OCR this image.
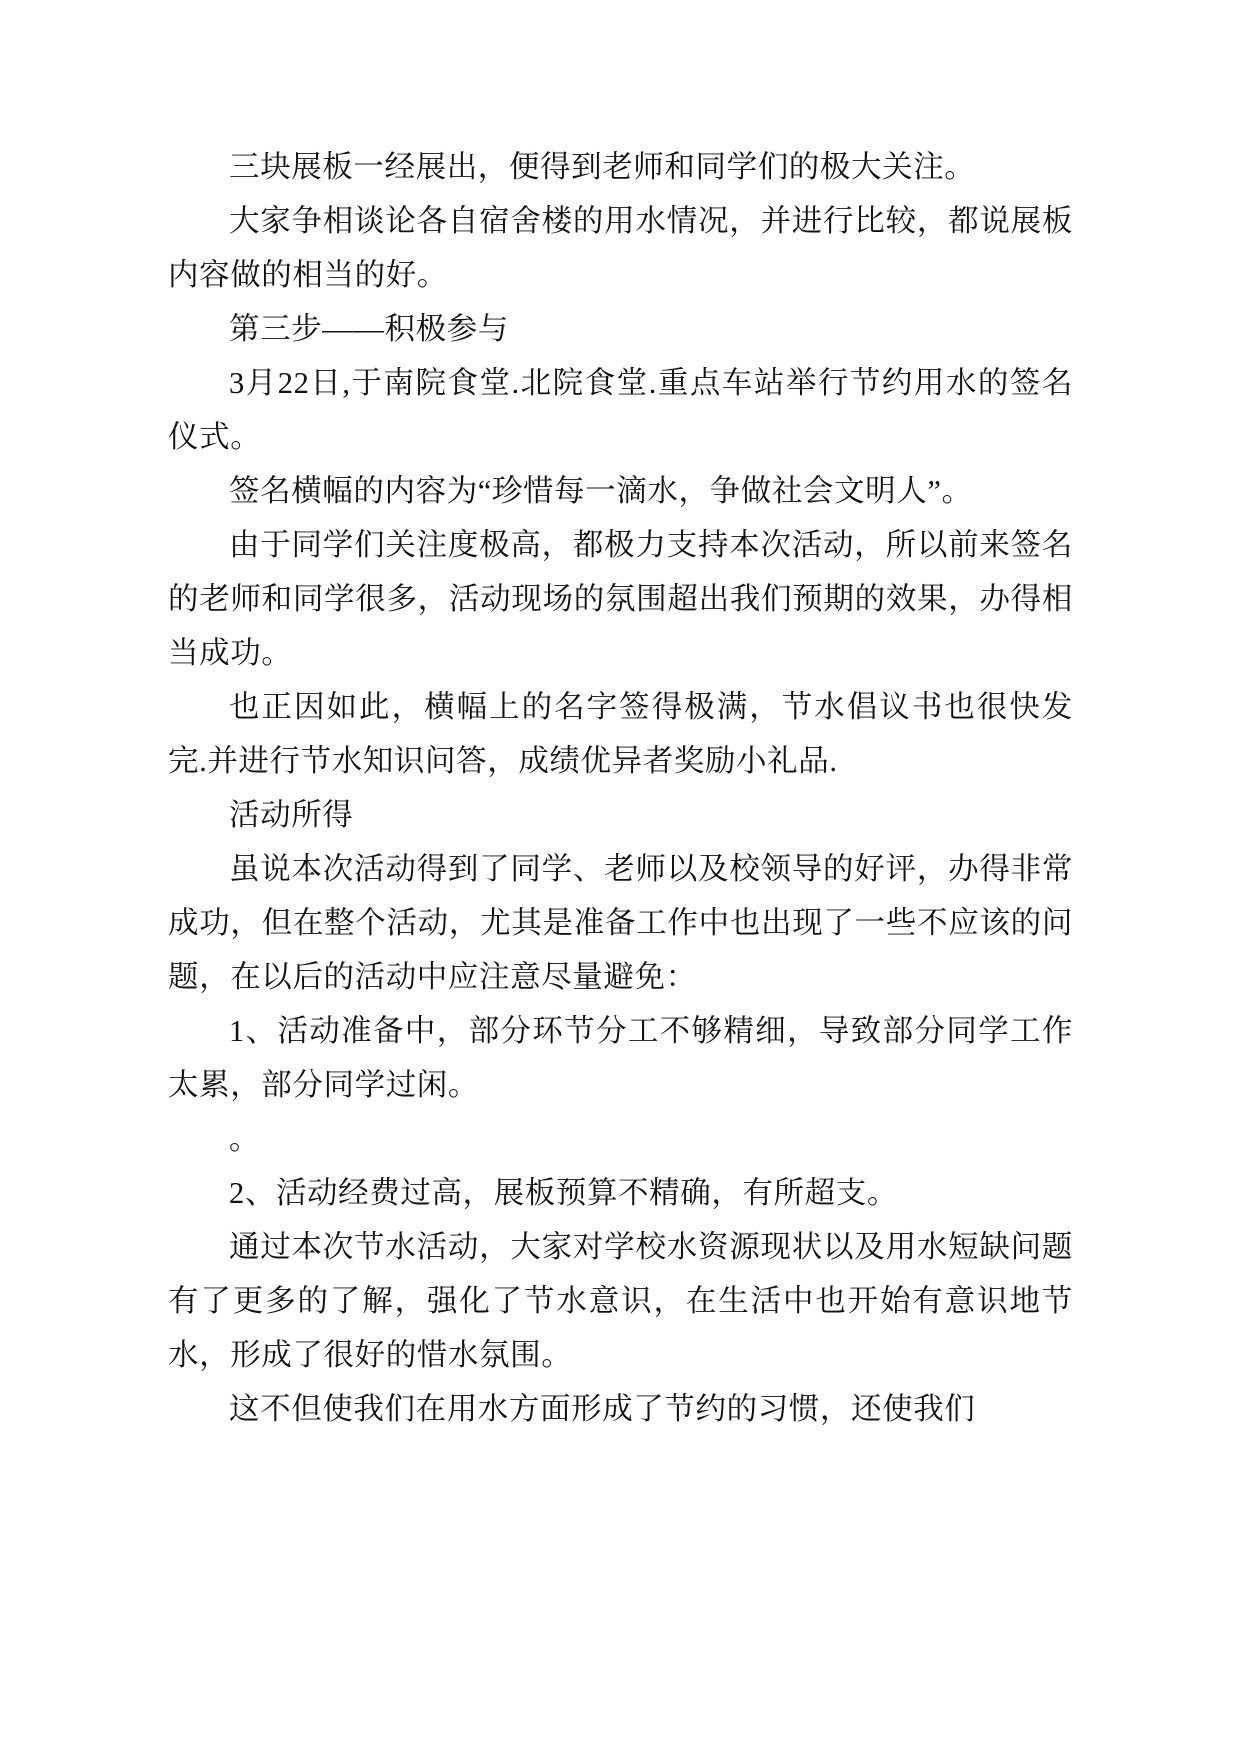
三块展板一经展出，便得到老师和同学们的极大关注。

大家争相谈论各自宿舍楼的用水情况，并进行比较，都说展板内容做的相当的好。

第三步——积极参与

3月22日,于南院食堂.北院食堂.重点车站举行节约用水的签名仪式。

签名横幅的内容为“珍惜每一滴水，争做社会文明人”。

由于同学们关注度极高，都极力支持本次活动，所以前来签名的老师和同学很多，活动现场的氛围超出我们预期的效果，办得相当成功。

也正因如此，横幅上的名字签得极满，节水倡议书也很快发完.并进行节水知识问答，成绩优异者奖励小礼品.

活动所得

虽说本次活动得到了同学、老师以及校领导的好评，办得非常成功，但在整个活动，尤其是准备工作中也出现了一些不应该的问题，在以后的活动中应注意尽量避免：

1、活动准备中，部分环节分工不够精细，导致部分同学工作太累，部分同学过闲。

。

2、活动经费过高，展板预算不精确，有所超支。

通过本次节水活动，大家对学校水资源现状以及用水短缺问题有了更多的了解，强化了节水意识，在生活中也开始有意识地节水，形成了很好的惜水氛围。

这不但使我们在用水方面形成了节约的习惯，还使我们
